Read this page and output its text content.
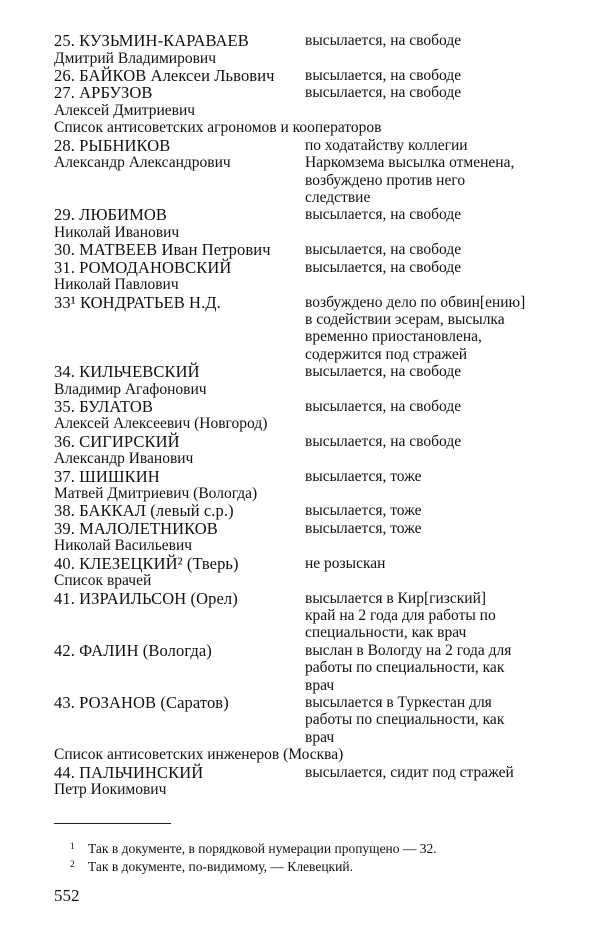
25. КУЗЬМИН-КАРАВАЕВ
Дмитрий Владимирович
26. БАЙКОВ Алексеи Львович
27. АРБУЗОВ
Алексей Дмитриевич
Список антисоветских агрономов и кооператоров
28. РЫБНИКОВ
Александр Александрович
29. ЛЮБИМОВ
Николай Иванович
30. МАТВЕЕВ Иван Петрович
31. РОМОДАНОВСКИЙ
Николай Павлович
33¹ КОНДРАТЬЕВ Н.Д.
34. КИЛЬЧЕВСКИЙ
Владимир Агафонович
35. БУЛАТОВ
Алексей Алексеевич (Новгород)
36. СИГИРСКИЙ
Александр Иванович
37. ШИШКИН
Матвей Дмитриевич (Вологда)
38. БАККАЛ (левый с.р.)
39. МАЛОЛЕТНИКОВ
Николай Васильевич
40. КЛЕЗЕЦКИЙ² (Тверь)
Список врачей
41. ИЗРАИЛЬСОН (Орел)
42. ФАЛИН (Вологда)
43. РОЗАНОВ (Саратов)
Список антисоветских инженеров (Москва)
44. ПАЛЬЧИНСКИЙ
Петр Иокимович
высылается, на свободе
высылается, на свободе
высылается, на свободе
по ходатайству коллегии
Наркомзема высылка отменена,
возбуждено против него
следствие
высылается, на свободе
высылается, на свободе
высылается, на свободе
возбуждено дело по обвин[ению]
в содействии эсерам, высылка
временно приостановлена,
содержится под стражей
высылается, на свободе
высылается, на свободе
высылается, на свободе
высылается, тоже
высылается, тоже
высылается, тоже
не розыскан
высылается в Кир[гизский]
край на 2 года для работы по
специальности, как врач
выслан в Вологду на 2 года для
работы по специальности, как
врач
высылается в Туркестан для
работы по специальности, как
врач
высылается, сидит под стражей
1 Так в документе, в порядковой нумерации пропущено — 32.
2 Так в документе, по-видимому, — Клевецкий.
552
